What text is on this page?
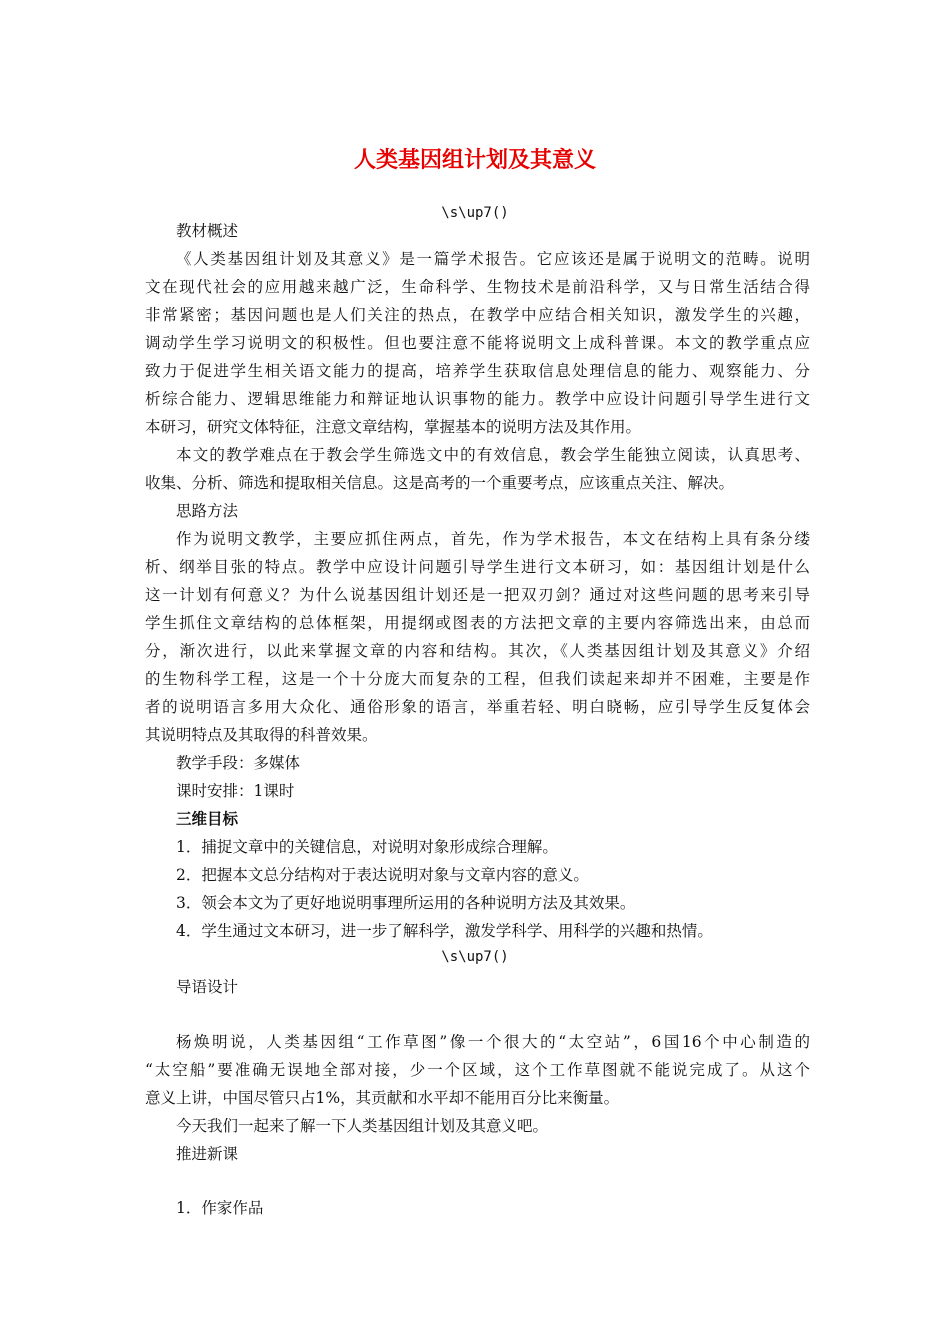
人类基因组计划及其意义
\s\up7()
教材概述
《人类基因组计划及其意义》是一篇学术报告。它应该还是属于说明文的范畴。说明
文在现代社会的应用越来越广泛，生命科学、生物技术是前沿科学，又与日常生活结合得
非常紧密；基因问题也是人们关注的热点，在教学中应结合相关知识，激发学生的兴趣，
调动学生学习说明文的积极性。但也要注意不能将说明文上成科普课。本文的教学重点应
致力于促进学生相关语文能力的提高，培养学生获取信息处理信息的能力、观察能力、分
析综合能力、逻辑思维能力和辩证地认识事物的能力。教学中应设计问题引导学生进行文
本研习，研究文体特征，注意文章结构，掌握基本的说明方法及其作用。
本文的教学难点在于教会学生筛选文中的有效信息，教会学生能独立阅读，认真思考、
收集、分析、筛选和提取相关信息。这是高考的一个重要考点，应该重点关注、解决。
思路方法
作为说明文教学，主要应抓住两点，首先，作为学术报告，本文在结构上具有条分缕
析、纲举目张的特点。教学中应设计问题引导学生进行文本研习，如：基因组计划是什么
这一计划有何意义？为什么说基因组计划还是一把双刃剑？通过对这些问题的思考来引导
学生抓住文章结构的总体框架，用提纲或图表的方法把文章的主要内容筛选出来，由总而
分，渐次进行，以此来掌握文章的内容和结构。其次，《人类基因组计划及其意义》介绍
的生物科学工程，这是一个十分庞大而复杂的工程，但我们读起来却并不困难，主要是作
者的说明语言多用大众化、通俗形象的语言，举重若轻、明白晓畅，应引导学生反复体会
其说明特点及其取得的科普效果。
教学手段：多媒体
课时安排：1课时
三维目标
1．捕捉文章中的关键信息，对说明对象形成综合理解。
2．把握本文总分结构对于表达说明对象与文章内容的意义。
3．领会本文为了更好地说明事理所运用的各种说明方法及其效果。
4．学生通过文本研习，进一步了解科学，激发学科学、用科学的兴趣和热情。
\s\up7()
导语设计
杨焕明说，人类基因组“工作草图”像一个很大的“太空站”，6国16个中心制造的
“太空船”要准确无误地全部对接，少一个区域，这个工作草图就不能说完成了。从这个
意义上讲，中国尽管只占1%，其贡献和水平却不能用百分比来衡量。
今天我们一起来了解一下人类基因组计划及其意义吧。
推进新课
1．作家作品
